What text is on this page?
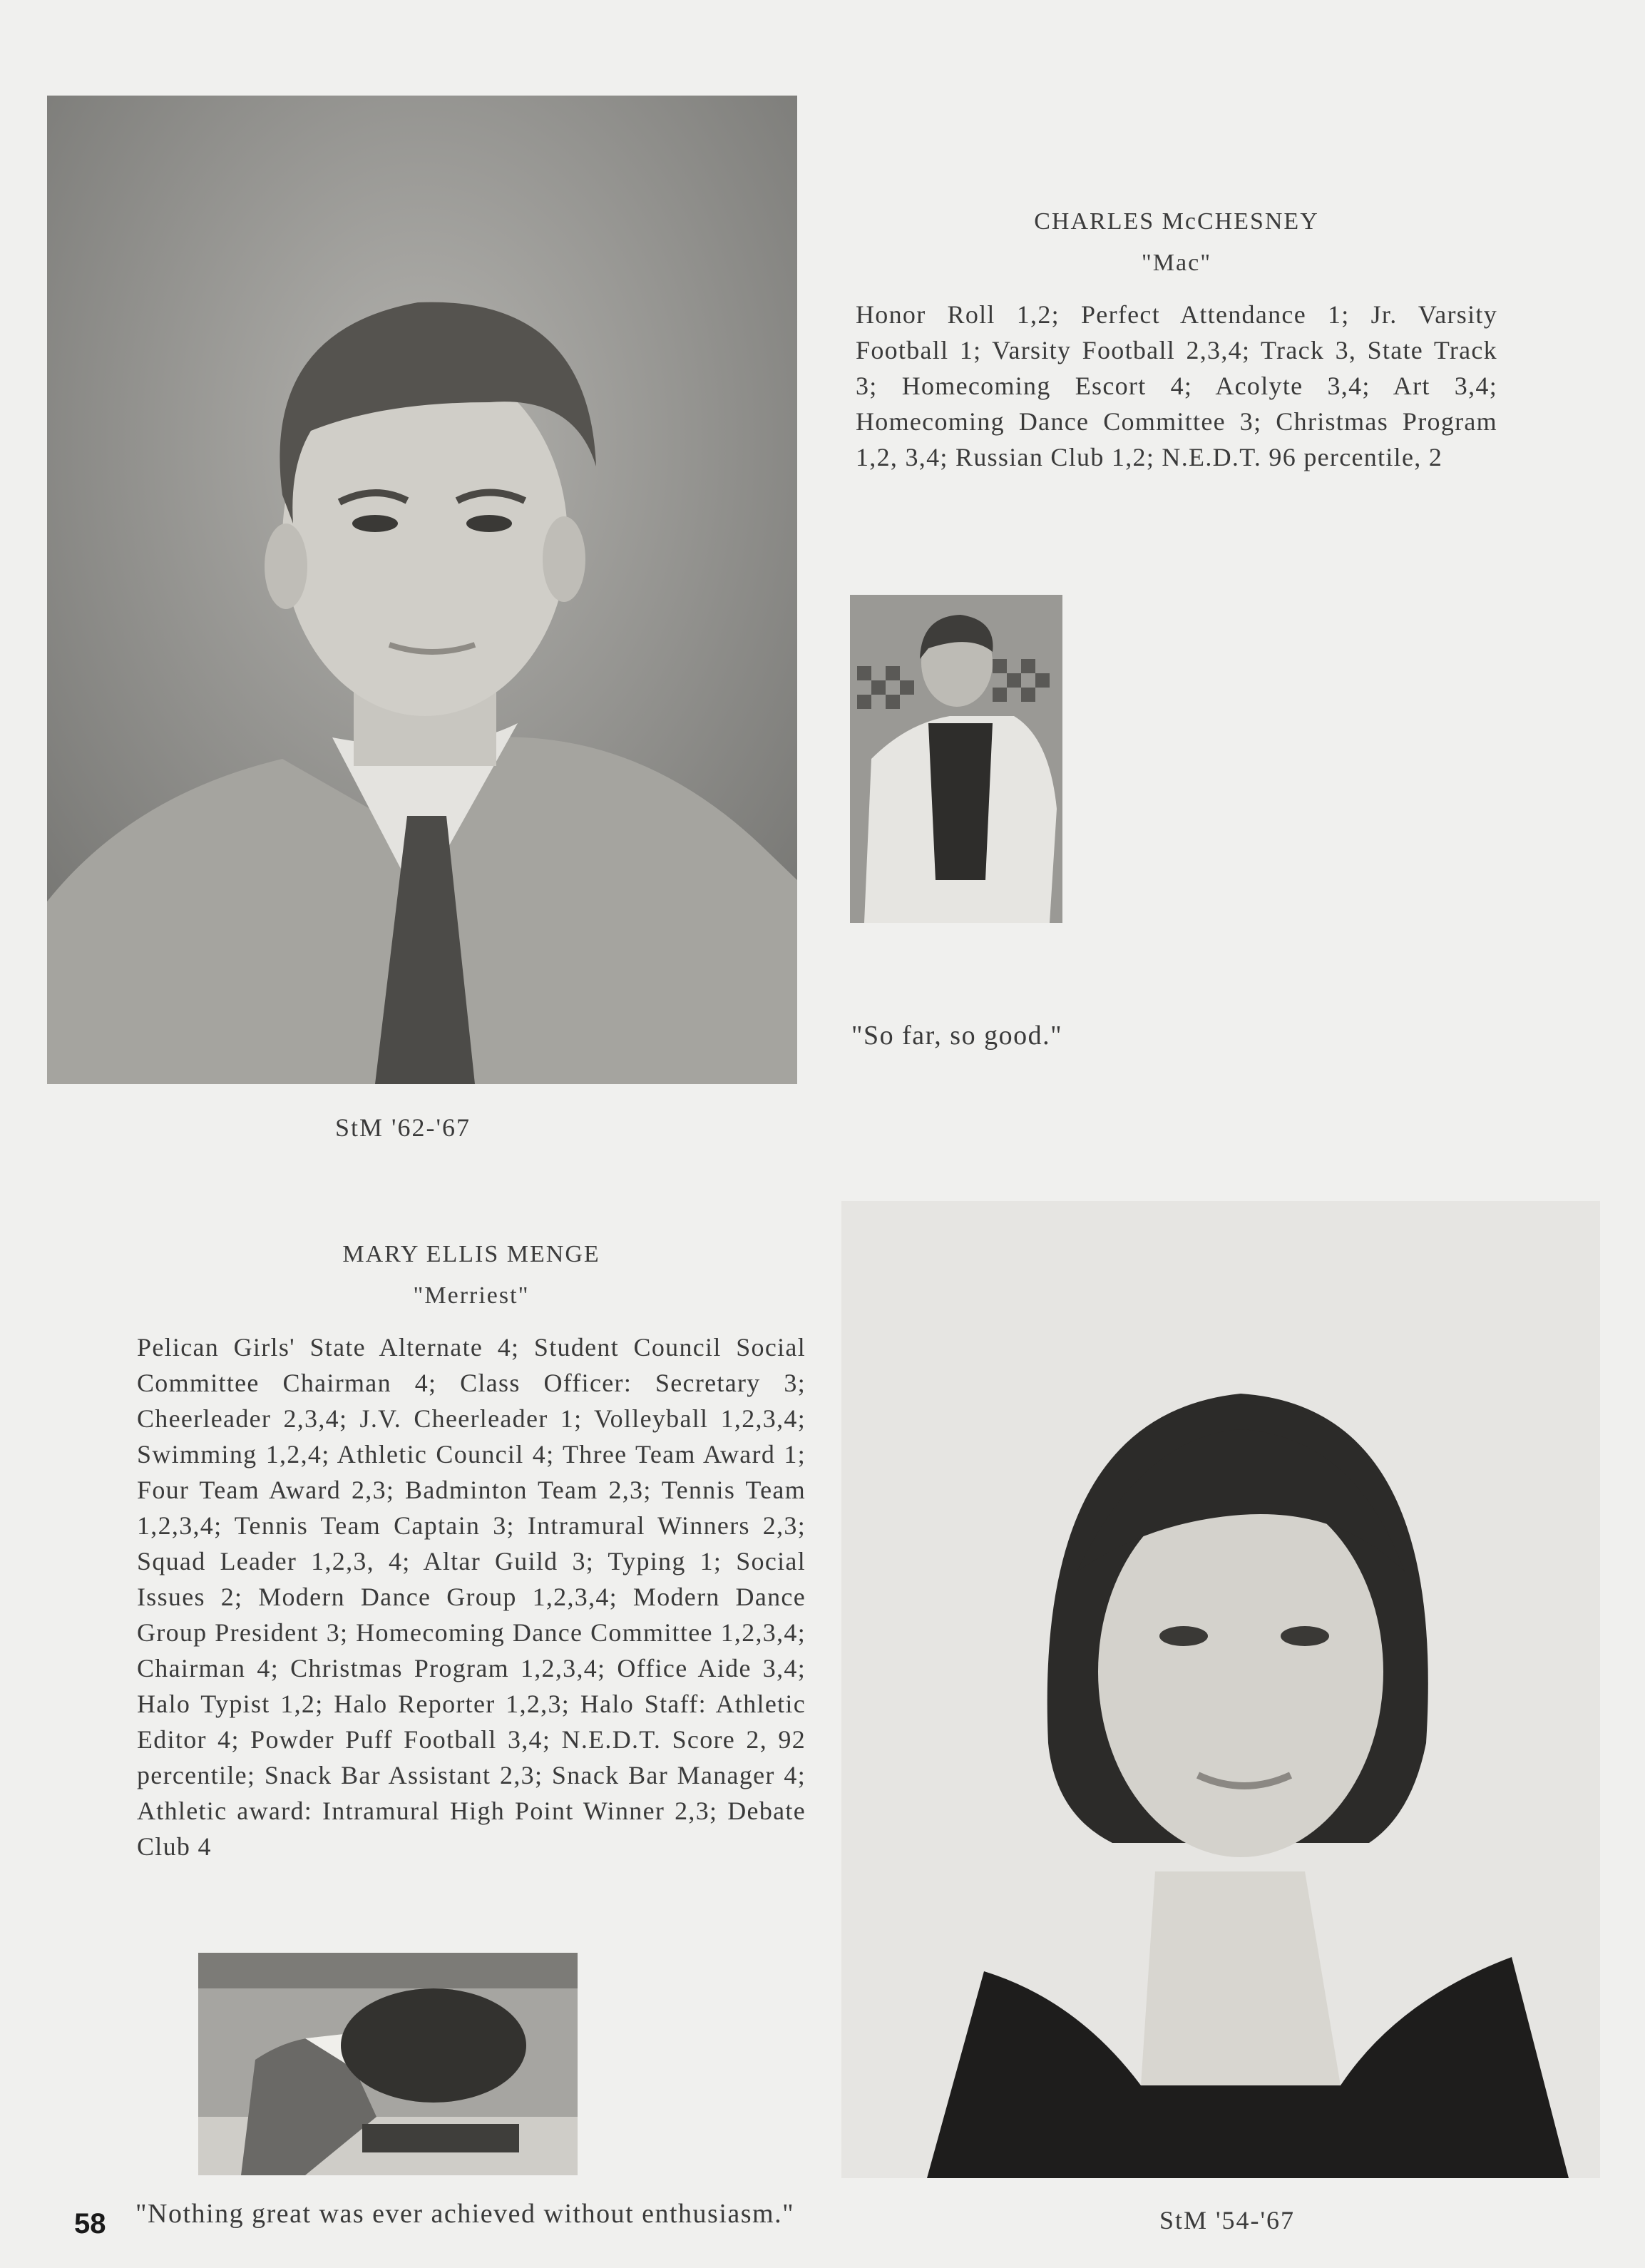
CHARLES McCHESNEY
"Mac"
Honor Roll 1,2; Perfect Attendance 1; Jr. Varsity Football 1; Varsity Football 2,3,4; Track 3, State Track 3; Homecoming Escort 4; Acolyte 3,4; Art 3,4; Homecoming Dance Committee 3; Christmas Program 1,2, 3,4; Russian Club 1,2; N.E.D.T. 96 percentile, 2
"So far, so good."
StM '62-'67
MARY ELLIS MENGE
"Merriest"
Pelican Girls' State Alternate 4; Student Council Social Committee Chairman 4; Class Officer: Secretary 3; Cheerleader 2,3,4; J.V. Cheerleader 1; Volleyball 1,2,3,4; Swimming 1,2,4; Athletic Council 4; Three Team Award 1; Four Team Award 2,3; Badminton Team 2,3; Tennis Team 1,2,3,4; Tennis Team Captain 3; Intramural Winners 2,3; Squad Leader 1,2,3, 4; Altar Guild 3; Typing 1; Social Issues 2; Modern Dance Group 1,2,3,4; Modern Dance Group President 3; Homecoming Dance Committee 1,2,3,4; Chairman 4; Christmas Program 1,2,3,4; Office Aide 3,4; Halo Typist 1,2; Halo Reporter 1,2,3; Halo Staff: Athletic Editor 4; Powder Puff Football 3,4; N.E.D.T. Score 2, 92 percentile; Snack Bar Assistant 2,3; Snack Bar Manager 4; Athletic award: Intramural High Point Winner 2,3; Debate Club 4
"Nothing great was ever achieved without enthusiasm."	StM '54-'67
58
